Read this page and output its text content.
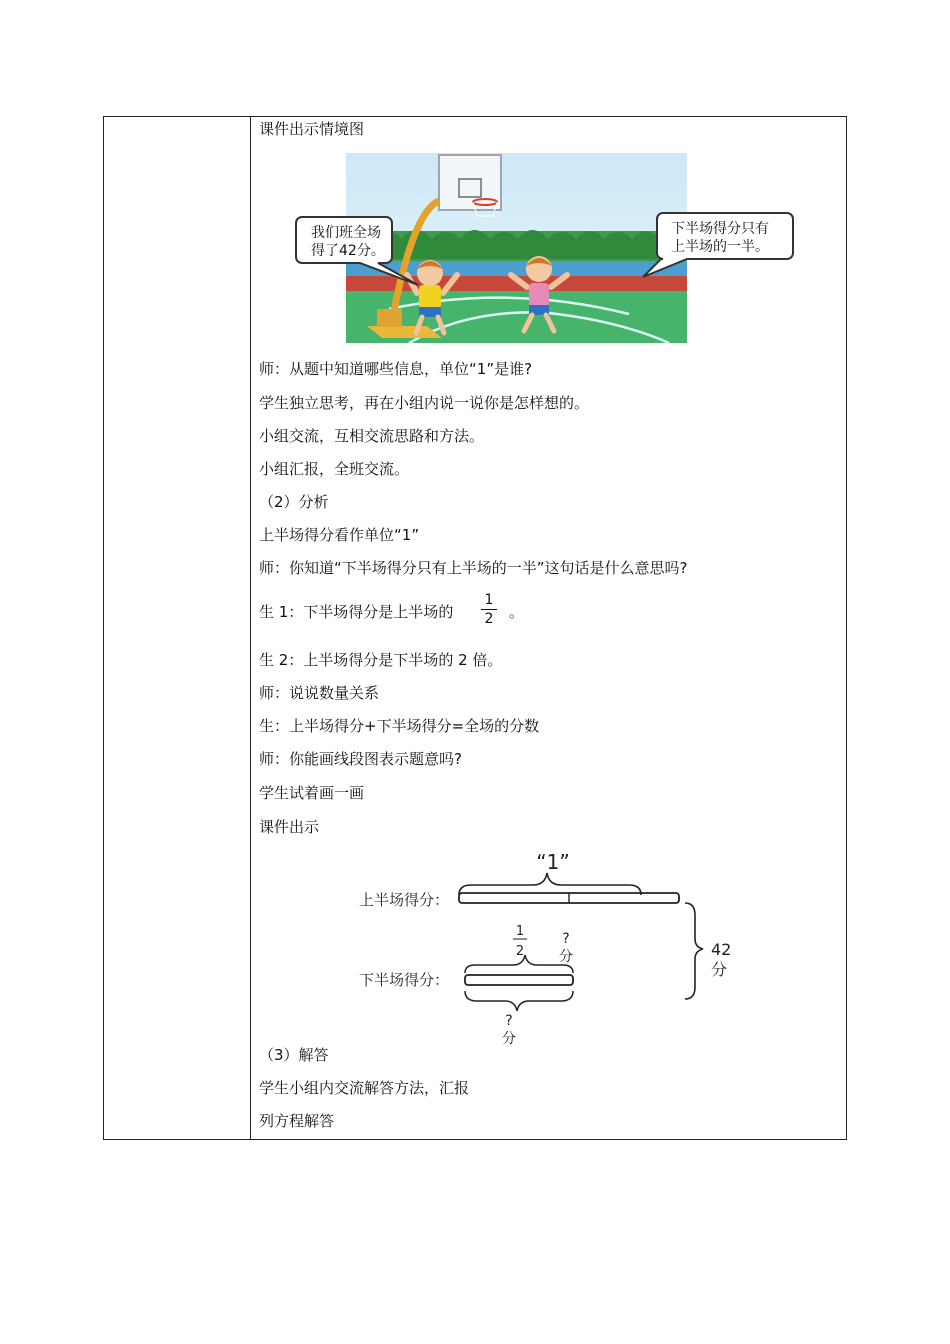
课件出示情境图
我们班全场
得了42分。
下半场得分只有
上半场的一半。
师：从题中知道哪些信息，单位“1”是谁?
学生独立思考，再在小组内说一说你是怎样想的。
小组交流，互相交流思路和方法。
小组汇报，全班交流。
（2）分析
上半场得分看作单位“1”
师：你知道“下半场得分只有上半场的一半”这句话是什么意思吗?
生 1：下半场得分是上半场的
1
2 。
生 2：上半场得分是下半场的 2 倍。
师：说说数量关系
生：上半场得分+下半场得分=全场的分数
师：你能画线段图表示题意吗?
学生试着画一画
课件出示
“1”
上半场得分：
1
2
?
分
下半场得分：
?
分
42
分
（3）解答
学生小组内交流解答方法，汇报
列方程解答
